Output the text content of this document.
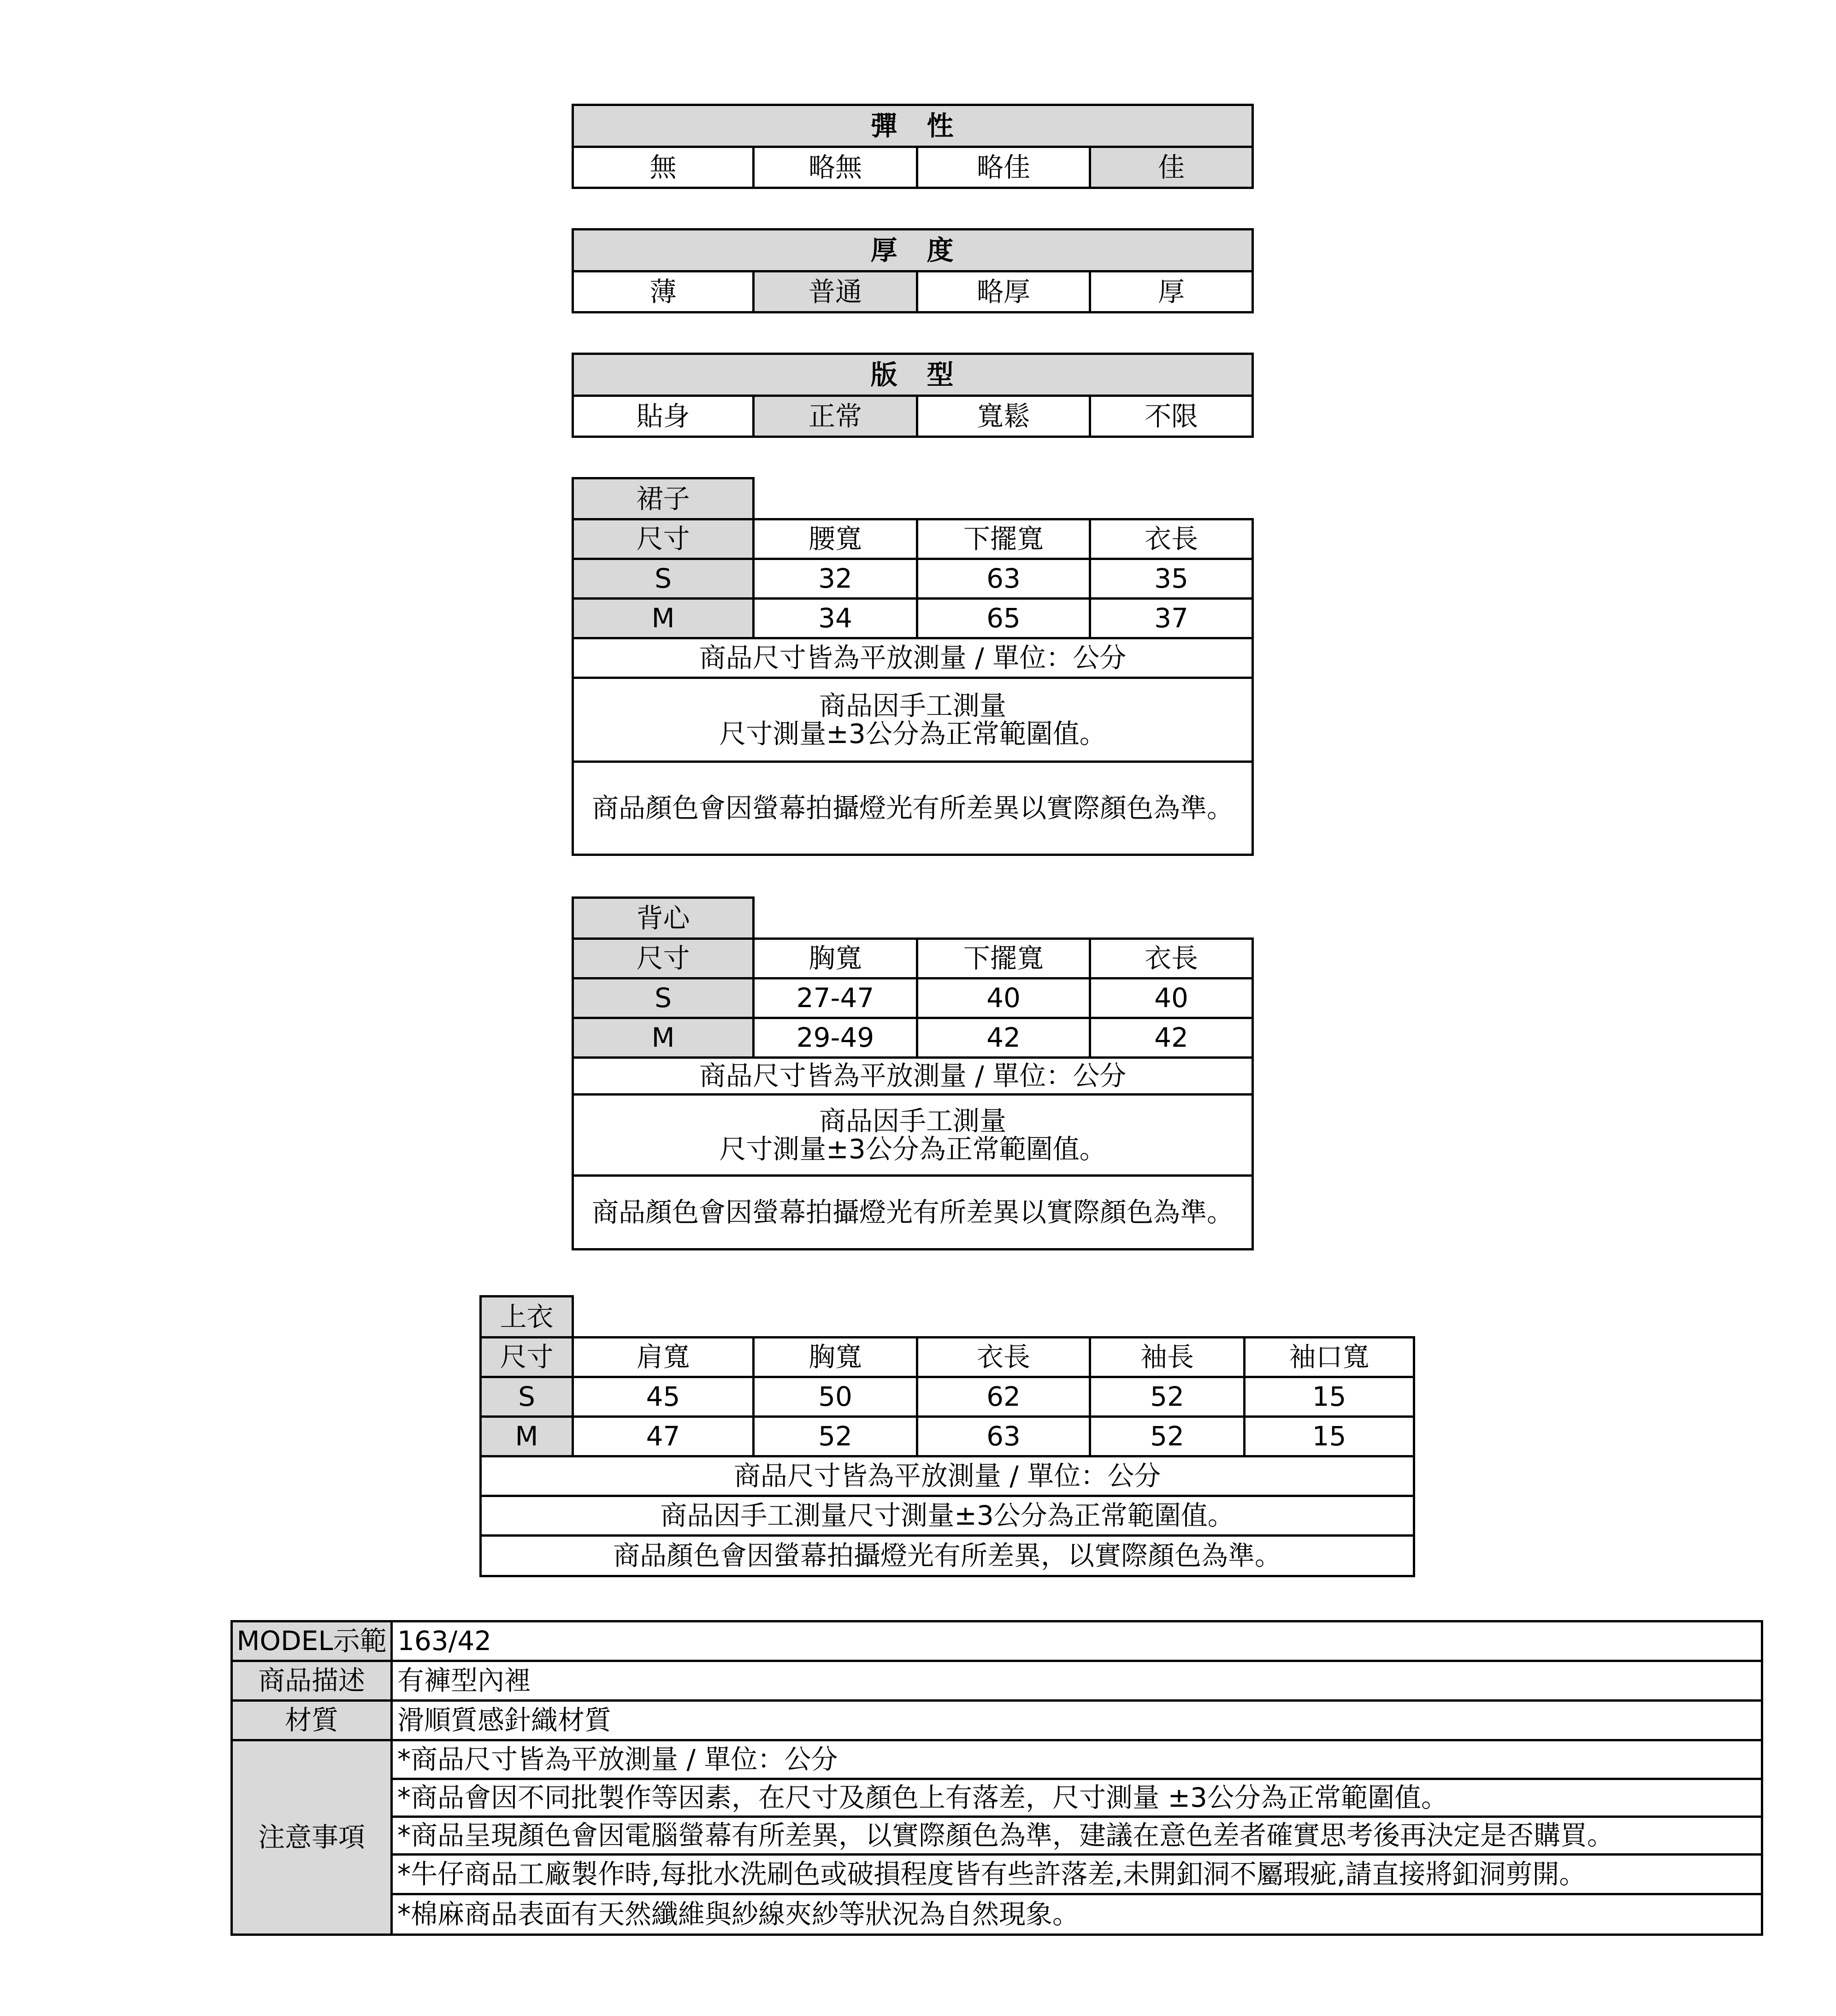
彈　性
無	略無	略佳	佳
厚　度
薄	普通	略厚	厚
版　型
貼身	正常	寬鬆	不限
裙子			
尺寸	腰寬	下擺寬	衣長
S	32	63	35
M	34	65	37
商品尺寸皆為平放測量 / 單位：公分			

商品因手工測量
尺寸測量±3公分為正常範圍值。			

商品顏色會因螢幕拍攝燈光有所差異以實際顏色為準。			
背心			
尺寸	胸寬	下擺寬	衣長
S	27-47	40	40
M	29-49	42	42
商品尺寸皆為平放測量 / 單位：公分			

商品因手工測量
尺寸測量±3公分為正常範圍值。			

商品顏色會因螢幕拍攝燈光有所差異以實際顏色為準。			
上衣					
尺寸	肩寬	胸寬	衣長	袖長	袖口寬
S	45	50	62	52	15
M	47	52	63	52	15
商品尺寸皆為平放測量 / 單位：公分					
商品因手工測量尺寸測量±3公分為正常範圍值。					
商品顏色會因螢幕拍攝燈光有所差異，以實際顏色為準。					
MODEL示範	163/42
商品描述	有褲型內裡
材質	滑順質感針織材質
注意事項	*商品尺寸皆為平放測量 / 單位：公分
	*商品會因不同批製作等因素，在尺寸及顏色上有落差，尺寸測量 ±3公分為正常範圍值。
	*商品呈現顏色會因電腦螢幕有所差異，以實際顏色為準，建議在意色差者確實思考後再決定是否購買。
	*牛仔商品工廠製作時,每批水洗刷色或破損程度皆有些許落差,未開釦洞不屬瑕疵,請直接將釦洞剪開。
	*棉麻商品表面有天然纖維與紗線夾紗等狀況為自然現象。
